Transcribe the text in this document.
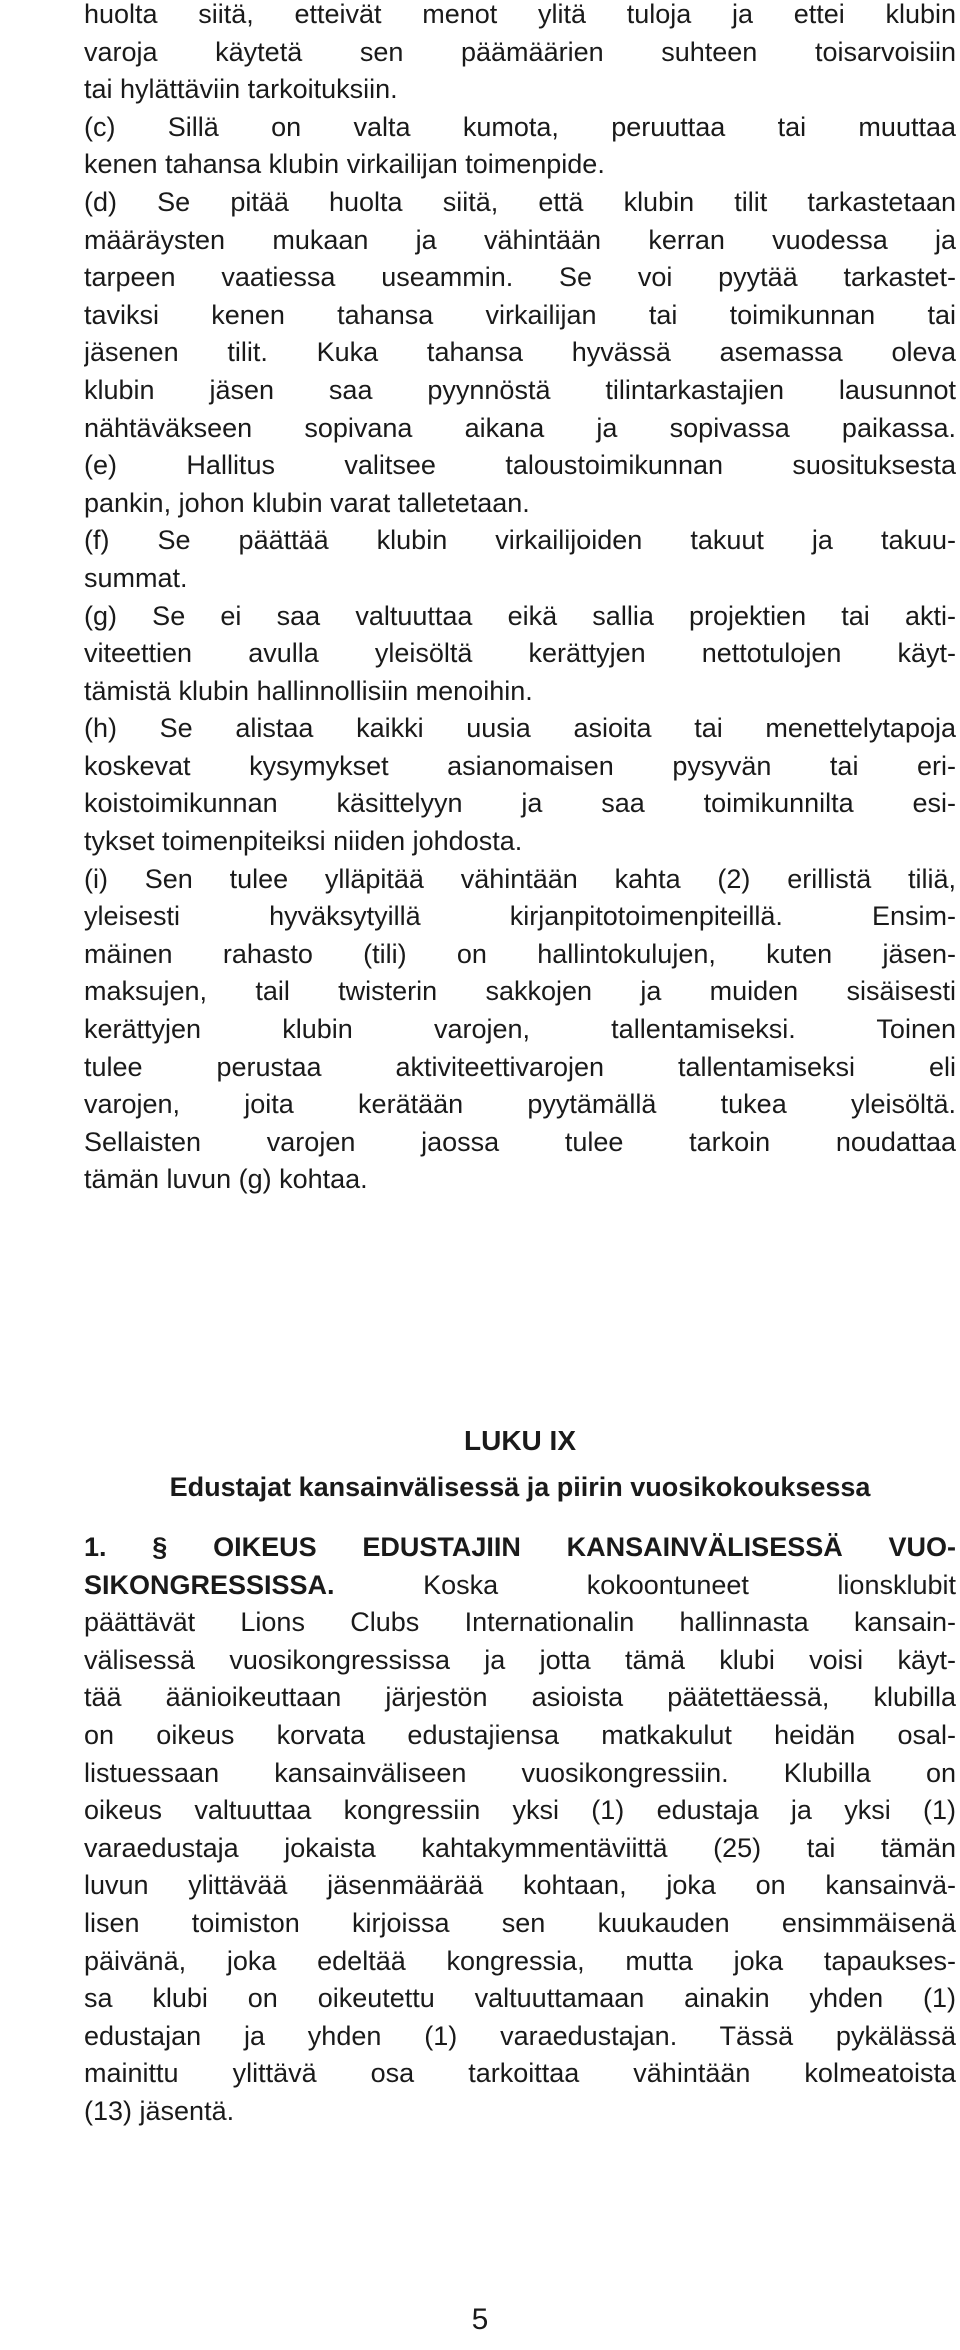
huolta siitä, etteivät menot ylitä tuloja ja ettei klubin
varoja käytetä sen päämäärien suhteen toisarvoisiin
tai hylättäviin tarkoituksiin.
(c) Sillä on valta kumota, peruuttaa tai muuttaa
kenen tahansa klubin virkailijan toimenpide.
(d) Se pitää huolta siitä, että klubin tilit tarkastetaan
määräysten mukaan ja vähintään kerran vuodessa ja
tarpeen vaatiessa useammin. Se voi pyytää tarkastet-
taviksi kenen tahansa virkailijan tai toimikunnan tai
jäsenen tilit. Kuka tahansa hyvässä asemassa oleva
klubin jäsen saa pyynnöstä tilintarkastajien lausunnot
nähtäväkseen sopivana aikana ja sopivassa paikassa.
(e) Hallitus valitsee taloustoimikunnan suosituksesta
pankin, johon klubin varat talletetaan.
(f) Se päättää klubin virkailijoiden takuut ja takuu-
summat.
(g) Se ei saa valtuuttaa eikä sallia projektien tai akti-
viteettien avulla yleisöltä kerättyjen nettotulojen käyt-
tämistä klubin hallinnollisiin menoihin.
(h) Se alistaa kaikki uusia asioita tai menettelytapoja
koskevat kysymykset asianomaisen pysyvän tai eri-
koistoimikunnan käsittelyyn ja saa toimikunnilta esi-
tykset toimenpiteiksi niiden johdosta.
(i) Sen tulee ylläpitää vähintään kahta (2) erillistä tiliä,
yleisesti hyväksytyillä kirjanpitotoimenpiteillä. Ensim-
mäinen rahasto (tili) on hallintokulujen, kuten jäsen-
maksujen, tail twisterin sakkojen ja muiden sisäisesti
kerättyjen klubin varojen, tallentamiseksi. Toinen
tulee perustaa aktiviteettivarojen tallentamiseksi eli
varojen, joita kerätään pyytämällä tukea yleisöltä.
Sellaisten varojen jaossa tulee tarkoin noudattaa
tämän luvun (g) kohtaa.
LUKU IX
Edustajat kansainvälisessä ja piirin vuosikokouksessa
1. § OIKEUS EDUSTAJIIN KANSAINVÄLISESSÄ VUO-
SIKONGRESSISSA. Koska kokoontuneet lionsklubit
päättävät Lions Clubs Internationalin hallinnasta kansain-
välisessä vuosikongressissa ja jotta tämä klubi voisi käyt-
tää äänioikeuttaan järjestön asioista päätettäessä, klubilla
on oikeus korvata edustajiensa matkakulut heidän osal-
listuessaan kansainväliseen vuosikongressiin. Klubilla on
oikeus valtuuttaa kongressiin yksi (1) edustaja ja yksi (1)
varaedustaja jokaista kahtakymmentäviittä (25) tai tämän
luvun ylittävää jäsenmäärää kohtaan, joka on kansainvä-
lisen toimiston kirjoissa sen kuukauden ensimmäisenä
päivänä, joka edeltää kongressia, mutta joka tapaukses-
sa klubi on oikeutettu valtuuttamaan ainakin yhden (1)
edustajan ja yhden (1) varaedustajan. Tässä pykälässä
mainittu ylittävä osa tarkoittaa vähintään kolmeatoista
(13) jäsentä.
5
